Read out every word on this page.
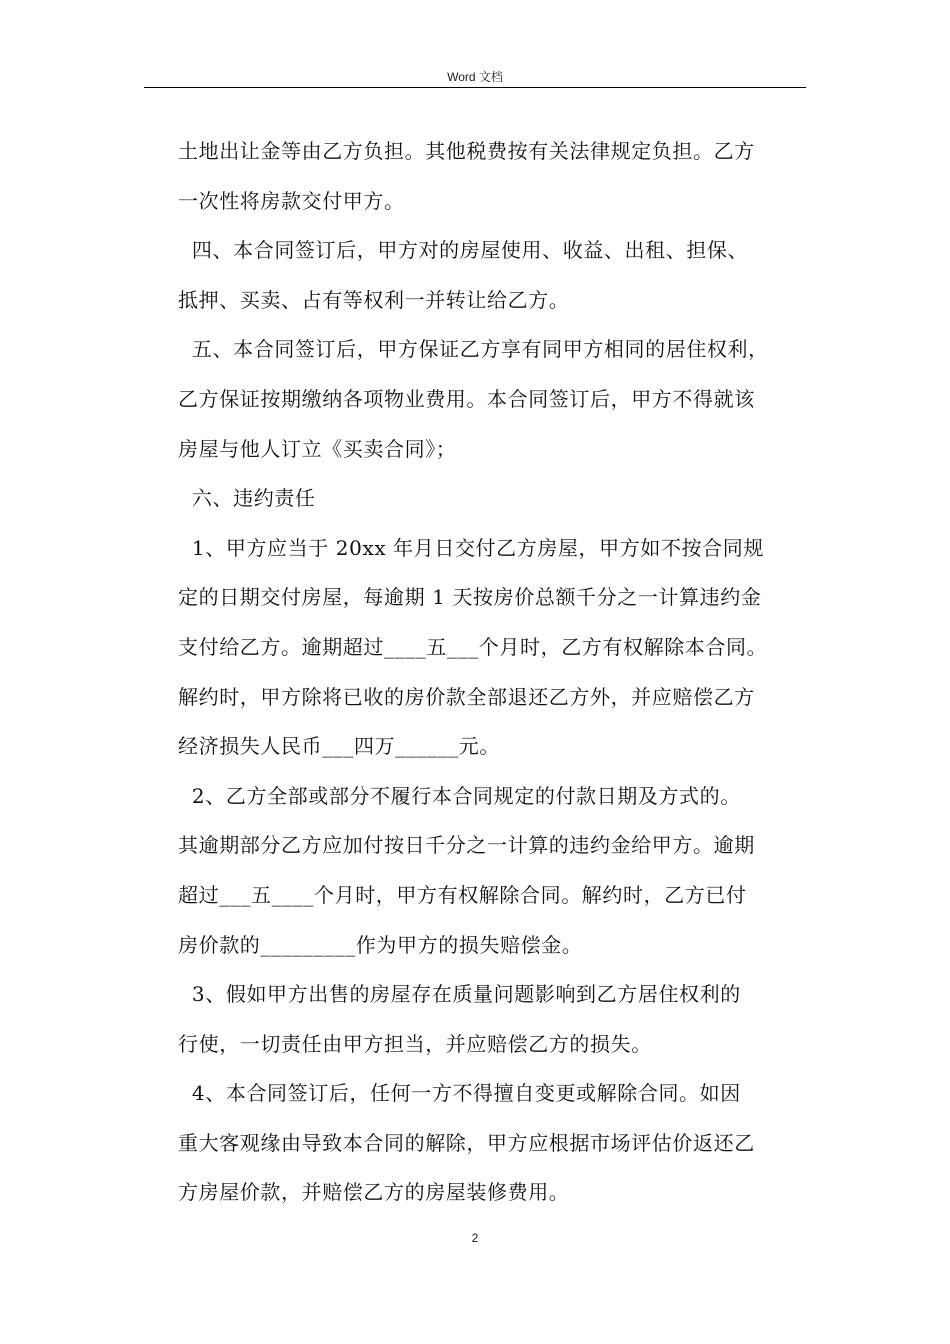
Word 文档
土地出让金等由乙方负担。其他税费按有关法律规定负担。乙方
一次性将房款交付甲方。
四、本合同签订后，甲方对的房屋使用、收益、出租、担保、
抵押、买卖、占有等权利一并转让给乙方。
五、本合同签订后，甲方保证乙方享有同甲方相同的居住权利，
乙方保证按期缴纳各项物业费用。本合同签订后，甲方不得就该
房屋与他人订立《买卖合同》；
六、违约责任
1、甲方应当于 20xx 年月日交付乙方房屋，甲方如不按合同规
定的日期交付房屋，每逾期 1 天按房价总额千分之一计算违约金
支付给乙方。逾期超过____五___个月时，乙方有权解除本合同。
解约时，甲方除将已收的房价款全部退还乙方外，并应赔偿乙方
经济损失人民币___四万______元。
2、乙方全部或部分不履行本合同规定的付款日期及方式的。
其逾期部分乙方应加付按日千分之一计算的违约金给甲方。逾期
超过___五____个月时，甲方有权解除合同。解约时，乙方已付
房价款的_________作为甲方的损失赔偿金。
3、假如甲方出售的房屋存在质量问题影响到乙方居住权利的
行使，一切责任由甲方担当，并应赔偿乙方的损失。
4、本合同签订后，任何一方不得擅自变更或解除合同。如因
重大客观缘由导致本合同的解除，甲方应根据市场评估价返还乙
方房屋价款，并赔偿乙方的房屋装修费用。
2
